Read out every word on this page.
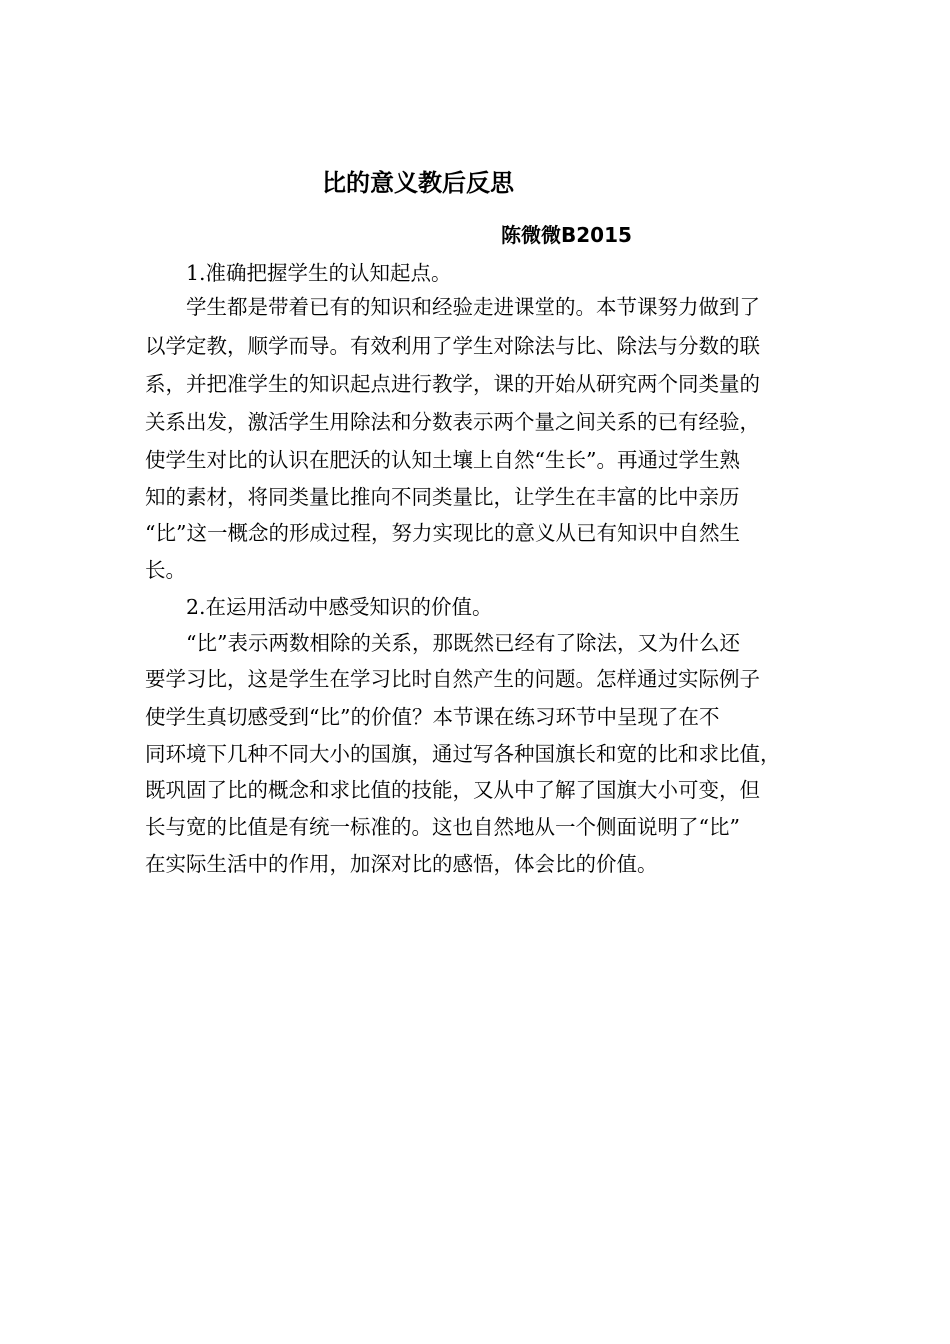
比的意义教后反思
陈微微B2015
1.准确把握学生的认知起点。
学生都是带着已有的知识和经验走进课堂的。本节课努力做到了
以学定教，顺学而导。有效利用了学生对除法与比、除法与分数的联
系，并把准学生的知识起点进行教学，课的开始从研究两个同类量的
关系出发，激活学生用除法和分数表示两个量之间关系的已有经验，
使学生对比的认识在肥沃的认知土壤上自然“生长”。再通过学生熟
知的素材，将同类量比推向不同类量比，让学生在丰富的比中亲历
“比”这一概念的形成过程，努力实现比的意义从已有知识中自然生
长。
2.在运用活动中感受知识的价值。
“比”表示两数相除的关系，那既然已经有了除法，又为什么还
要学习比，这是学生在学习比时自然产生的问题。怎样通过实际例子
使学生真切感受到“比”的价值？本节课在练习环节中呈现了在不
同环境下几种不同大小的国旗，通过写各种国旗长和宽的比和求比值，
既巩固了比的概念和求比值的技能，又从中了解了国旗大小可变，但
长与宽的比值是有统一标准的。这也自然地从一个侧面说明了“比”
在实际生活中的作用，加深对比的感悟，体会比的价值。
